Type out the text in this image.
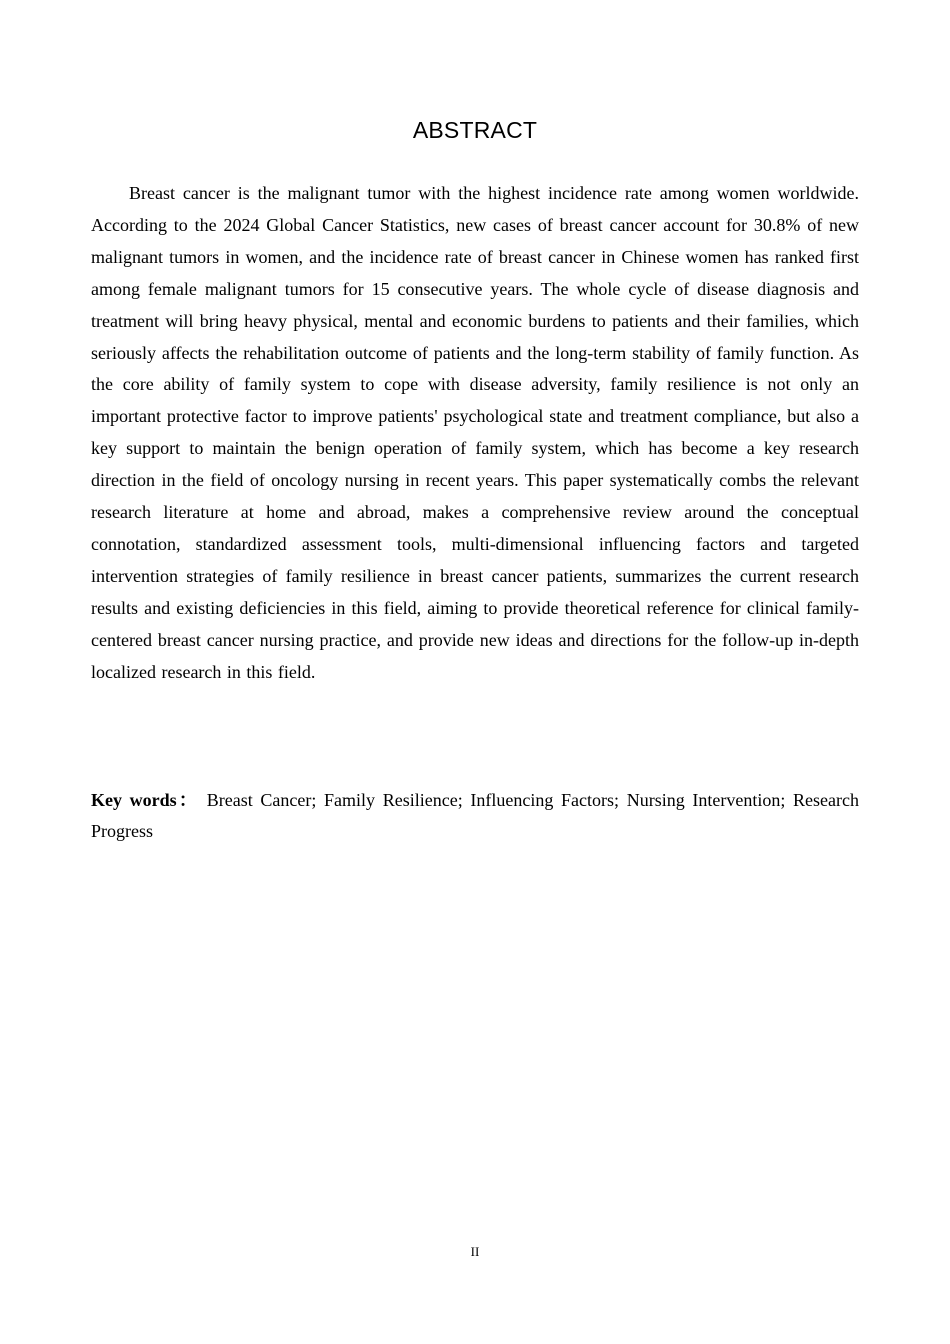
ABSTRACT

Breast cancer is the malignant tumor with the highest incidence rate among women worldwide. According to the 2024 Global Cancer Statistics, new cases of breast cancer account for 30.8% of new malignant tumors in women, and the incidence rate of breast cancer in Chinese women has ranked first among female malignant tumors for 15 consecutive years. The whole cycle of disease diagnosis and treatment will bring heavy physical, mental and economic burdens to patients and their families, which seriously affects the rehabilitation outcome of patients and the long-term stability of family function. As the core ability of family system to cope with disease adversity, family resilience is not only an important protective factor to improve patients' psychological state and treatment compliance, but also a key support to maintain the benign operation of family system, which has become a key research direction in the field of oncology nursing in recent years. This paper systematically combs the relevant research literature at home and abroad, makes a comprehensive review around the conceptual connotation, standardized assessment tools, multi-dimensional influencing factors and targeted intervention strategies of family resilience in breast cancer patients, summarizes the current research results and existing deficiencies in this field, aiming to provide theoretical reference for clinical family-centered breast cancer nursing practice, and provide new ideas and directions for the follow-up in-depth localized research in this field.

Key words： Breast Cancer; Family Resilience; Influencing Factors; Nursing Intervention; Research Progress

II
